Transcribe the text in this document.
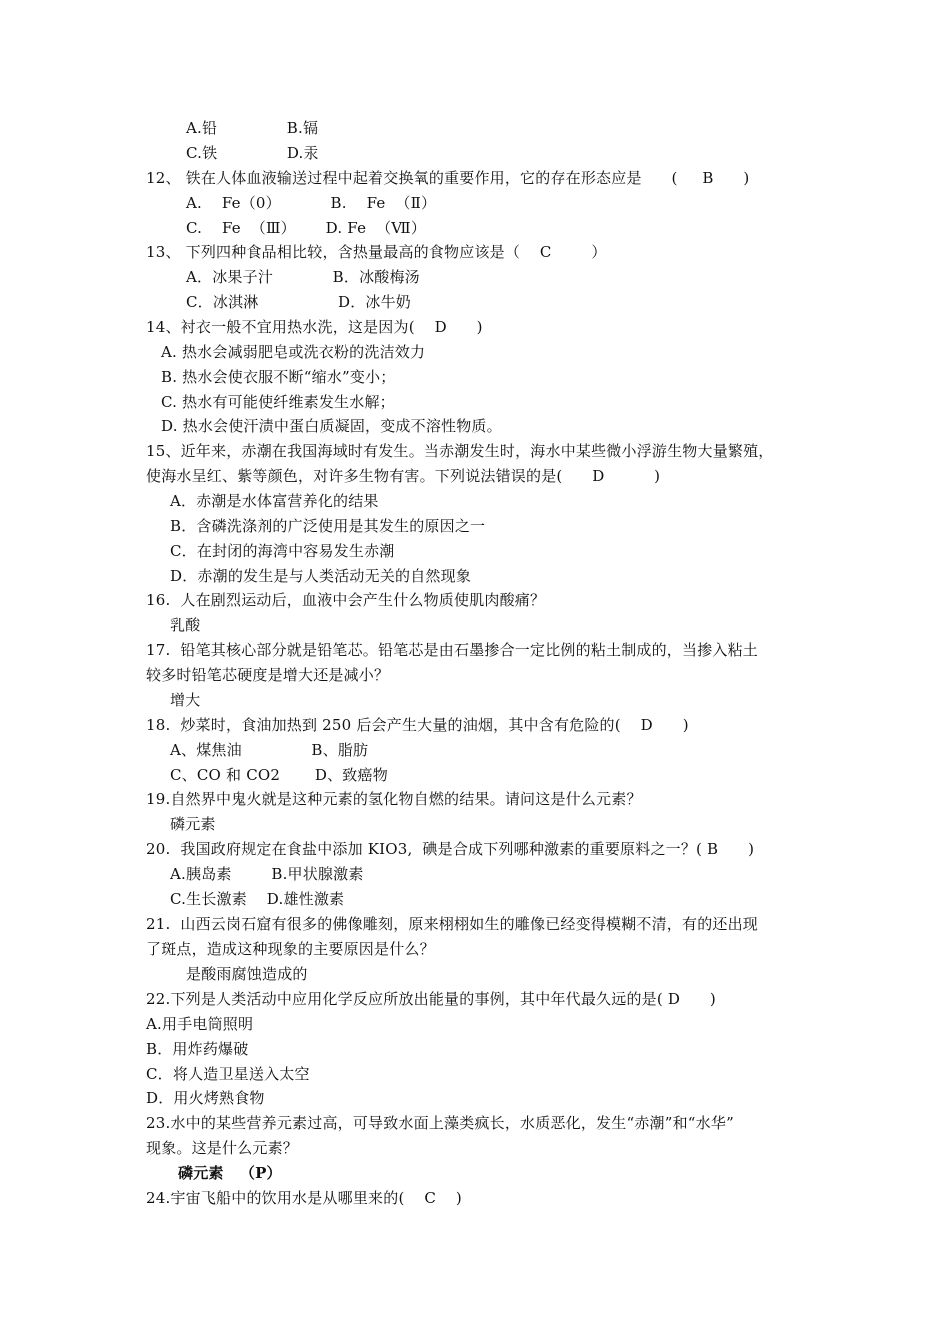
A.铅              B.镉
C.铁              D.汞
12、 铁在人体血液输送过程中起着交换氧的重要作用，它的存在形态应是      (     B      )
A.    Fe（0）          B.    Fe  （Ⅱ）
C.    Fe  （Ⅲ）      D. Fe  （Ⅶ）
13、 下列四种食品相比较，含热量最高的食物应该是（    C        ）
A．冰果子汁            B．冰酸梅汤
C．冰淇淋                D．冰牛奶
14、衬衣一般不宜用热水洗，这是因为(    D      )
A. 热水会减弱肥皂或洗衣粉的洗洁效力
B. 热水会使衣服不断“缩水”变小；
C. 热水有可能使纤维素发生水解；
D. 热水会使汗渍中蛋白质凝固，变成不溶性物质。
15、近年来，赤潮在我国海域时有发生。当赤潮发生时，海水中某些微小浮游生物大量繁殖，
使海水呈红、紫等颜色，对许多生物有害。下列说法错误的是(      D          )
A．赤潮是水体富营养化的结果
B．含磷洗涤剂的广泛使用是其发生的原因之一
C．在封闭的海湾中容易发生赤潮
D．赤潮的发生是与人类活动无关的自然现象
16.  人在剧烈运动后，血液中会产生什么物质使肌肉酸痛？
乳酸
17.  铅笔其核心部分就是铅笔芯。铅笔芯是由石墨掺合一定比例的粘土制成的，当掺入粘土
较多时铅笔芯硬度是增大还是减小？
增大
18.  炒菜时，食油加热到 250 后会产生大量的油烟，其中含有危险的(    D      )
A、煤焦油              B、脂肪
C、CO 和 CO2       D、致癌物
19.自然界中鬼火就是这种元素的氢化物自燃的结果。请问这是什么元素？
磷元素
20.  我国政府规定在食盐中添加 KIO3,  碘是合成下列哪种激素的重要原料之一？( B      )
A.胰岛素        B.甲状腺激素
C.生长激素    D.雄性激素
21.  山西云岗石窟有很多的佛像雕刻，原来栩栩如生的雕像已经变得模糊不清，有的还出现
了斑点，造成这种现象的主要原因是什么？
是酸雨腐蚀造成的
22.下列是人类活动中应用化学反应所放出能量的事例，其中年代最久远的是( D      )
A.用手电筒照明
B．用炸药爆破
C．将人造卫星送入太空
D．用火烤熟食物
23.水中的某些营养元素过高，可导致水面上藻类疯长，水质恶化，发生“赤潮”和“水华”
现象。这是什么元素？
磷元素   （P）
24.宇宙飞船中的饮用水是从哪里来的(    C    )
